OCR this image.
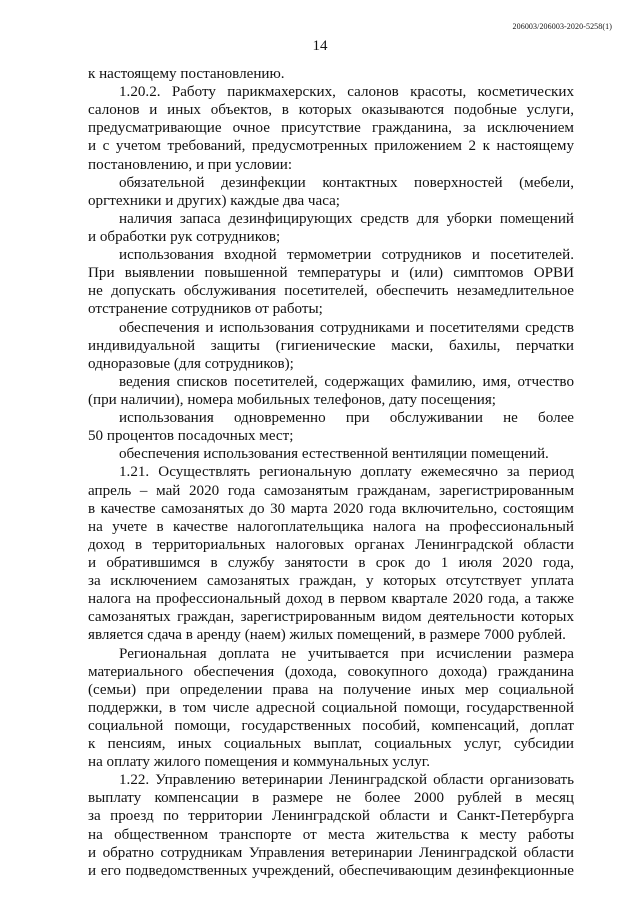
206003/206003-2020-5258(1)
14
к настоящему постановлению.
1.20.2. Работу парикмахерских, салонов красоты, косметических
салонов и иных объектов, в которых оказываются подобные услуги,
предусматривающие очное присутствие гражданина, за исключением
и с учетом требований, предусмотренных приложением 2 к настоящему
постановлению, и при условии:
обязательной дезинфекции контактных поверхностей (мебели,
оргтехники и других) каждые два часа;
наличия запаса дезинфицирующих средств для уборки помещений
и обработки рук сотрудников;
использования входной термометрии сотрудников и посетителей.
При выявлении повышенной температуры и (или) симптомов ОРВИ
не допускать обслуживания посетителей, обеспечить незамедлительное
отстранение сотрудников от работы;
обеспечения и использования сотрудниками и посетителями средств
индивидуальной защиты (гигиенические маски, бахилы, перчатки
одноразовые (для сотрудников);
ведения списков посетителей, содержащих фамилию, имя, отчество
(при наличии), номера мобильных телефонов, дату посещения;
использования одновременно при обслуживании не более
50 процентов посадочных мест;
обеспечения использования естественной вентиляции помещений.
1.21. Осуществлять региональную доплату ежемесячно за период
апрель – май 2020 года самозанятым гражданам, зарегистрированным
в качестве самозанятых до 30 марта 2020 года включительно, состоящим
на учете в качестве налогоплательщика налога на профессиональный
доход в территориальных налоговых органах Ленинградской области
и обратившимся в службу занятости в срок до 1 июля 2020 года,
за исключением самозанятых граждан, у которых отсутствует уплата
налога на профессиональный доход в первом квартале 2020 года, а также
самозанятых граждан, зарегистрированным видом деятельности которых
является сдача в аренду (наем) жилых помещений, в размере 7000 рублей.
Региональная доплата не учитывается при исчислении размера
материального обеспечения (дохода, совокупного дохода) гражданина
(семьи) при определении права на получение иных мер социальной
поддержки, в том числе адресной социальной помощи, государственной
социальной помощи, государственных пособий, компенсаций, доплат
к пенсиям, иных социальных выплат, социальных услуг, субсидии
на оплату жилого помещения и коммунальных услуг.
1.22. Управлению ветеринарии Ленинградской области организовать
выплату компенсации в размере не более 2000 рублей в месяц
за проезд по территории Ленинградской области и Санкт-Петербурга
на общественном транспорте от места жительства к месту работы
и обратно сотрудникам Управления ветеринарии Ленинградской области
и его подведомственных учреждений, обеспечивающим дезинфекционные
